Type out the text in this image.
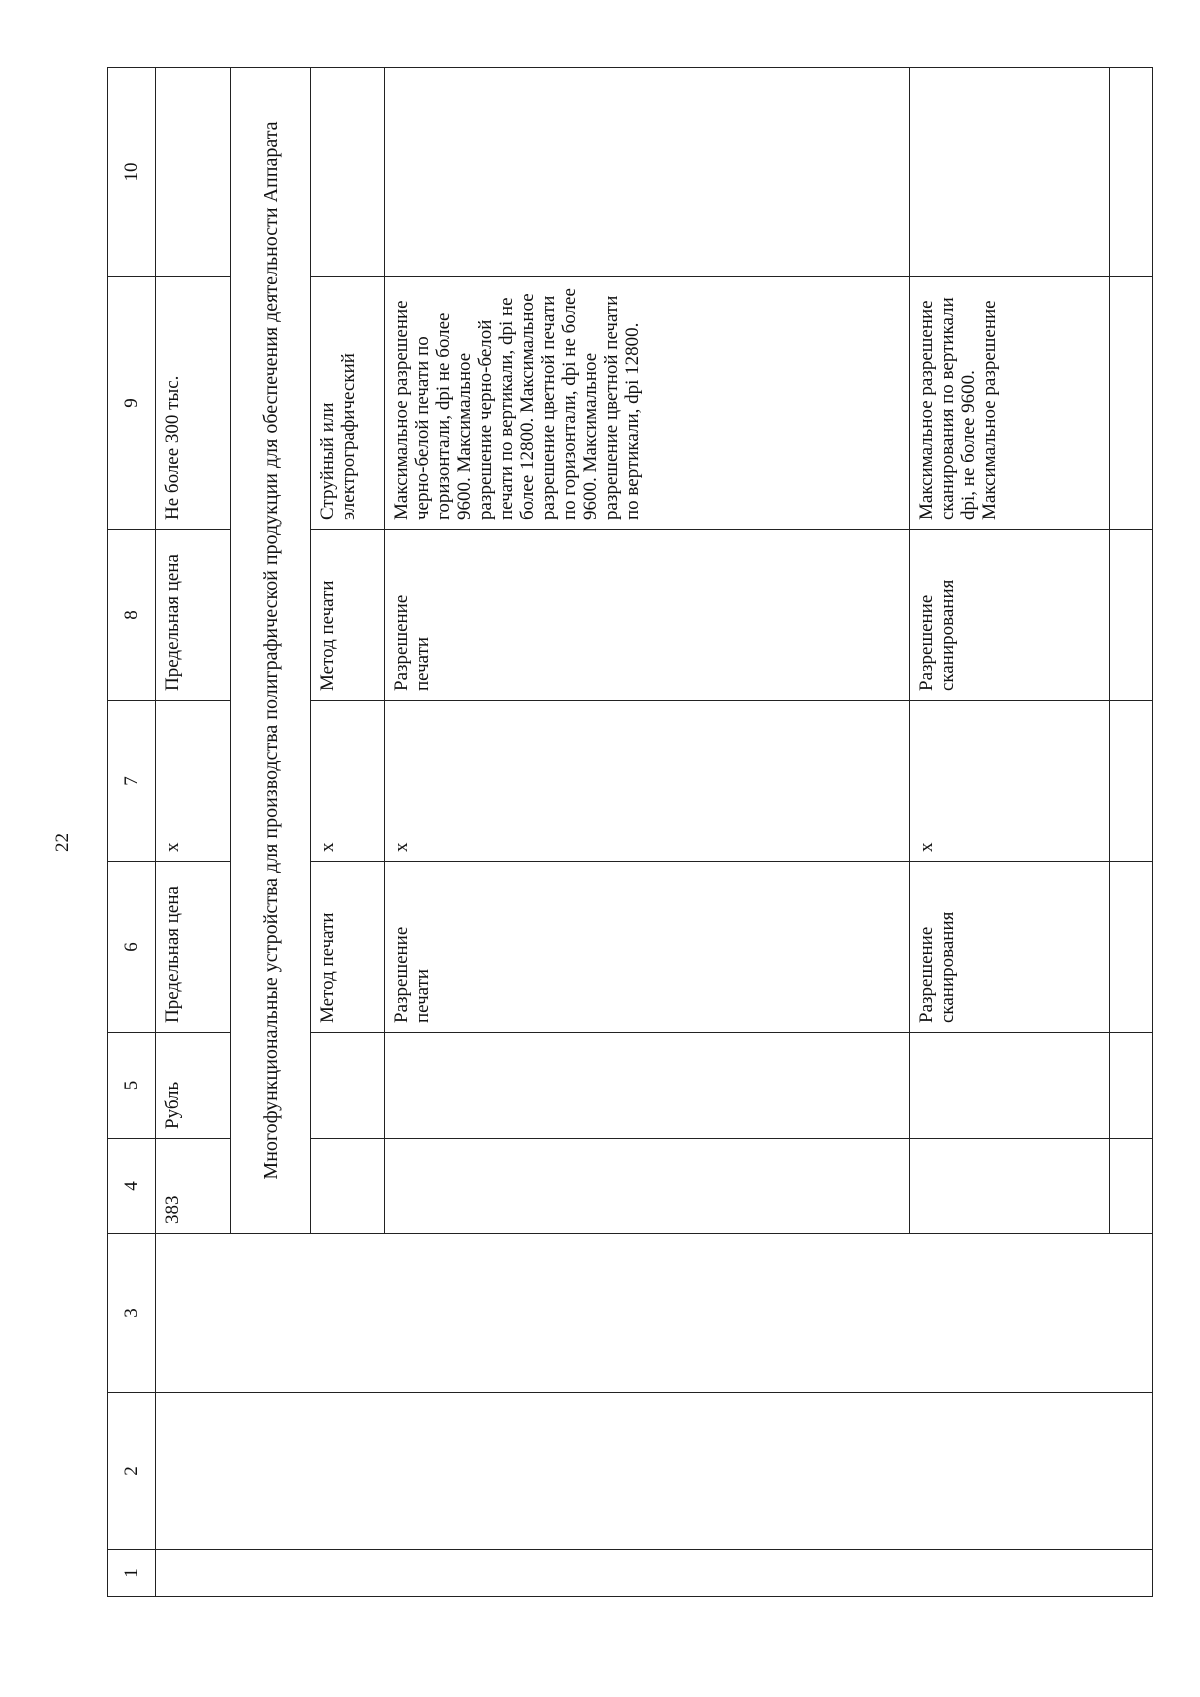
22
1	2	3	4	5	6	7	8	9	10
			383	Рубль	Предельная цена	x	Предельная цена	Не более 300 тыс.	
			Многофункциональные устройства для производства полиграфической продукции для обеспечения деятельности Аппарата						
					Метод печати	x	Метод печати	Струйный или электрографический	
					Разрешение печати	x	Разрешение печати	Максимальное разрешение черно-белой печати по горизонтали, dpi не более 9600. Максимальное разрешение черно-белой печати по вертикали, dpi не более 12800. Максимальное разрешение цветной печати по горизонтали, dpi не более 9600. Максимальное разрешение цветной печати по вертикали, dpi 12800.	
					Разрешение сканирования	x	Разрешение сканирования	Максимальное разрешение сканирования по вертикали dpi, не более 9600. Максимальное разрешение	
